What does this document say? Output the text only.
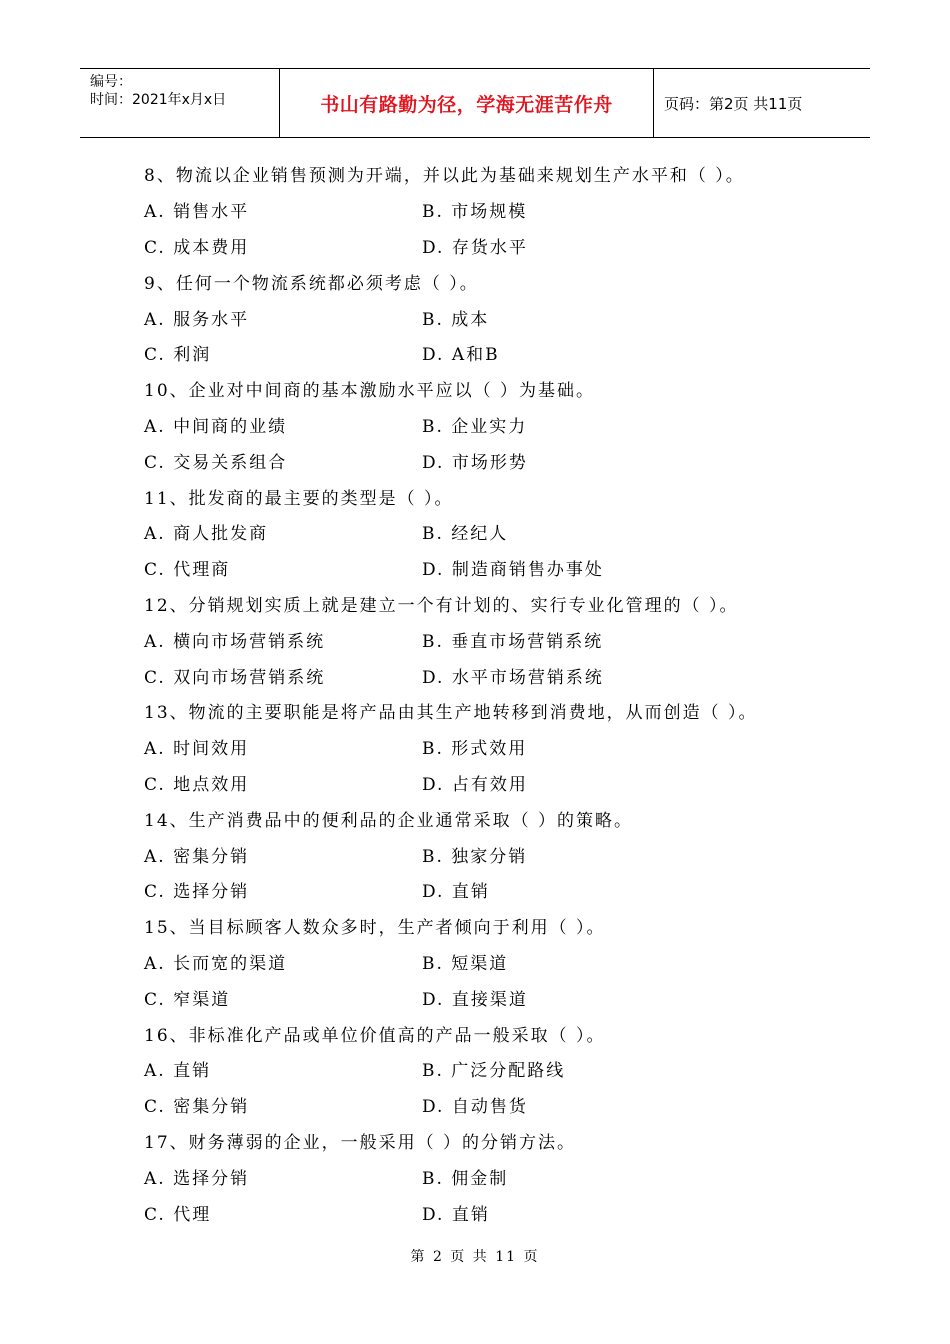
编号：
时间：2021年x月x日	书山有路勤为径，学海无涯苦作舟	页码：第2页 共11页
8、物流以企业销售预测为开端，并以此为基础来规划生产水平和（ ）。
A. 销售水平	B. 市场规模
C. 成本费用	D. 存货水平
9、任何一个物流系统都必须考虑（ ）。
A. 服务水平	B. 成本
C. 利润	D. A和B
10、企业对中间商的基本激励水平应以（ ）为基础。
A. 中间商的业绩	B. 企业实力
C. 交易关系组合	D. 市场形势
11、批发商的最主要的类型是（ ）。
A. 商人批发商	B. 经纪人
C. 代理商	D. 制造商销售办事处
12、分销规划实质上就是建立一个有计划的、实行专业化管理的（ ）。
A. 横向市场营销系统	B. 垂直市场营销系统
C. 双向市场营销系统	D. 水平市场营销系统
13、物流的主要职能是将产品由其生产地转移到消费地，从而创造（ ）。
A. 时间效用	B. 形式效用
C. 地点效用	D. 占有效用
14、生产消费品中的便利品的企业通常采取（ ）的策略。
A. 密集分销	B. 独家分销
C. 选择分销	D. 直销
15、当目标顾客人数众多时，生产者倾向于利用（ ）。
A. 长而宽的渠道	B. 短渠道
C. 窄渠道	D. 直接渠道
16、非标准化产品或单位价值高的产品一般采取（ ）。
A. 直销	B. 广泛分配路线
C. 密集分销	D. 自动售货
17、财务薄弱的企业，一般采用（ ）的分销方法。
A. 选择分销	B. 佣金制
C. 代理	D. 直销
第 2 页 共 11 页
